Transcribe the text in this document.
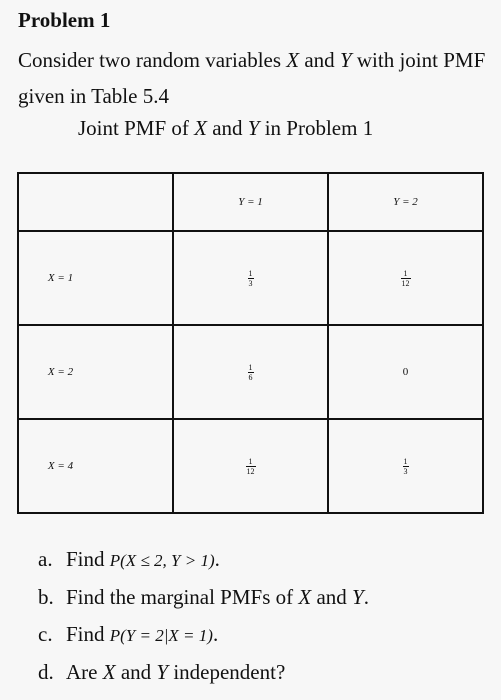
Problem 1
Consider two random variables X and Y with joint PMF given in Table 5.4
Joint PMF of X and Y in Problem 1
	Y = 1	Y = 2
X = 1	$\frac{1}{3}$	$\frac{1}{12}$

X = 2	$\frac{1}{6}$	0
X = 4	$\frac{1}{12}$	$\frac{1}{3}$
a. Find P(X ≤ 2, Y > 1).
b. Find the marginal PMFs of X and Y.
c. Find P(Y = 2|X = 1).
d. Are X and Y independent?
